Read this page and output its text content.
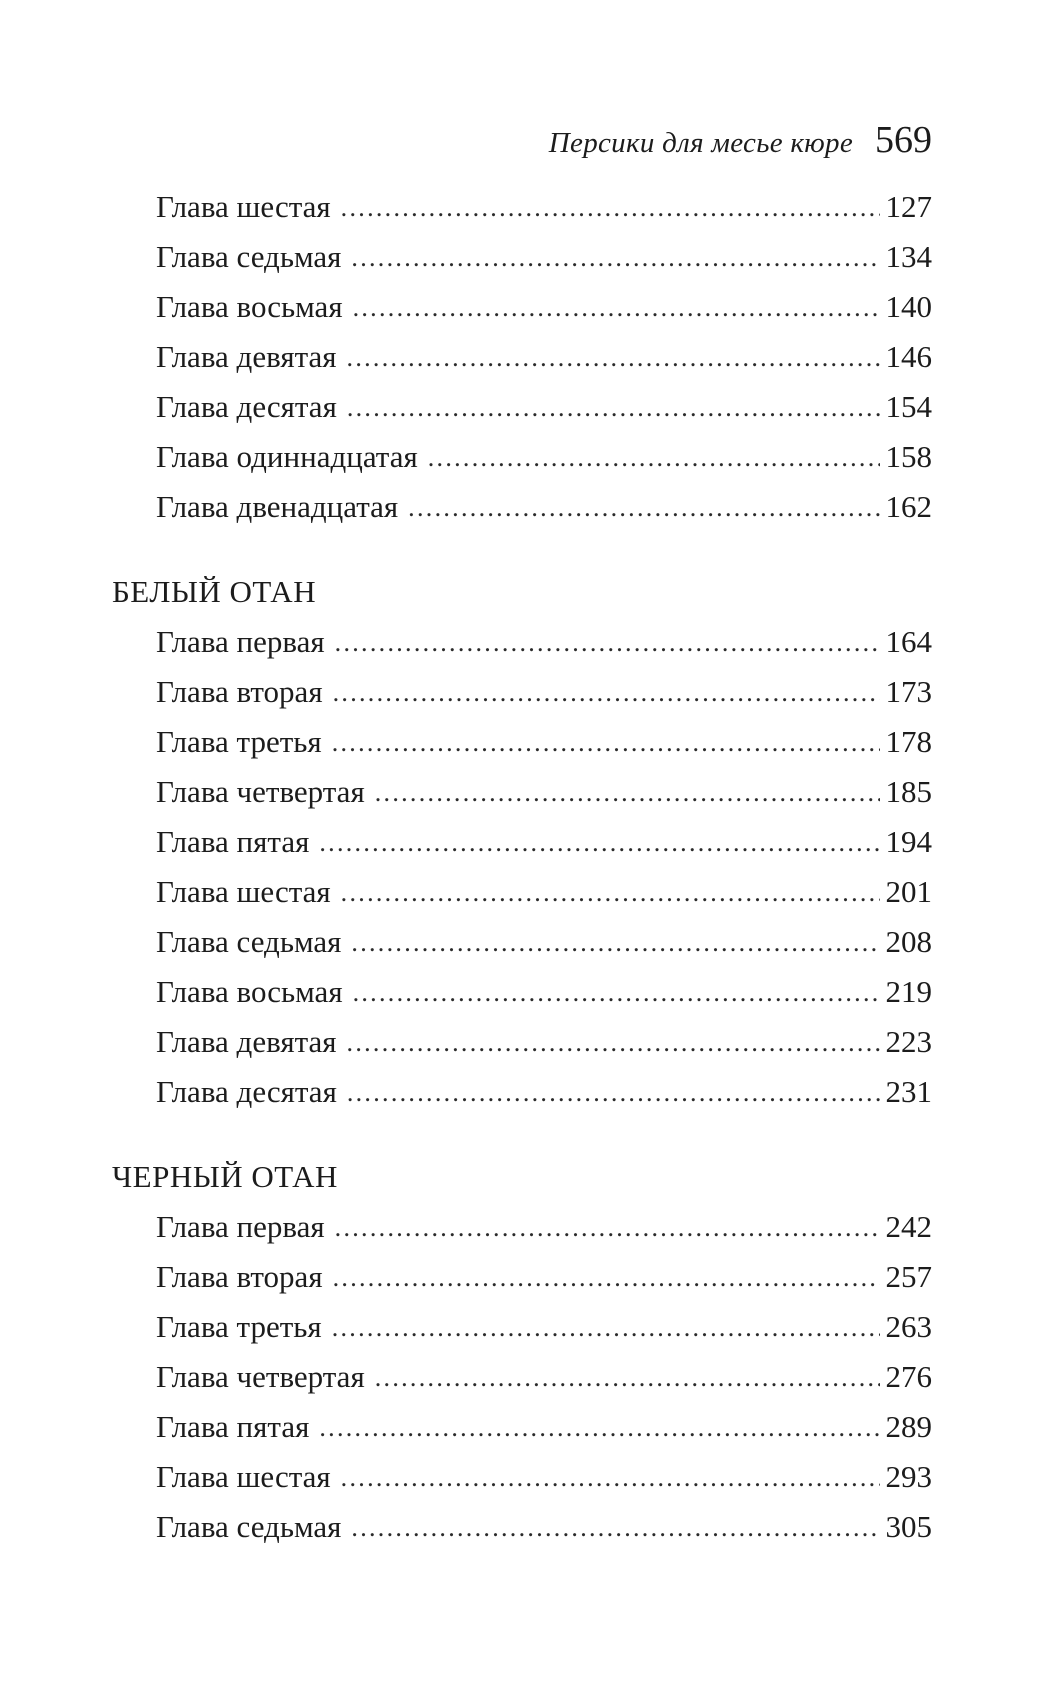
Персики для месье кюре 569
Глава шестая . . .	127
Глава седьмая . . .	134
Глава восьмая . . .	140
Глава девятая . . .	146
Глава десятая . . .	154
Глава одиннадцатая . . .	158
Глава двенадцатая . . .	162
БЕЛЫЙ ОТАН
Глава первая . . .	164
Глава вторая . . .	173
Глава третья . . .	178
Глава четвертая . . .	185
Глава пятая . . .	194
Глава шестая . . .	201
Глава седьмая . . .	208
Глава восьмая . . .	219
Глава девятая . . .	223
Глава десятая . . .	231
ЧЕРНЫЙ ОТАН
Глава первая . . .	242
Глава вторая . . .	257
Глава третья . . .	263
Глава четвертая . . .	276
Глава пятая . . .	289
Глава шестая . . .	293
Глава седьмая . . .	305
